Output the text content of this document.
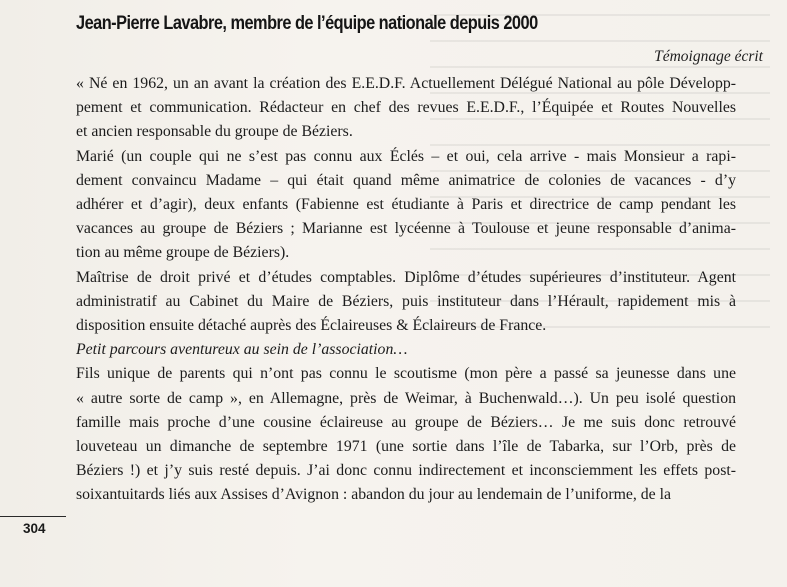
Jean-Pierre Lavabre, membre de l’équipe nationale depuis 2000
Témoignage écrit

« Né en 1962, un an avant la création des E.E.D.F. Actuellement Délégué National au pôle Développ-
pement et communication. Rédacteur en chef des revues E.E.D.F., l’Équipée et Routes Nouvelles
et ancien responsable du groupe de Béziers.

Marié (un couple qui ne s’est pas connu aux Éclés – et oui, cela arrive - mais Monsieur a rapi-
dement convaincu Madame – qui était quand même animatrice de colonies de vacances - d’y
adhérer et d’agir), deux enfants (Fabienne est étudiante à Paris et directrice de camp pendant les
vacances au groupe de Béziers ; Marianne est lycéenne à Toulouse et jeune responsable d’anima-
tion au même groupe de Béziers).

Maîtrise de droit privé et d’études comptables. Diplôme d’études supérieures d’instituteur. Agent
administratif au Cabinet du Maire de Béziers, puis instituteur dans l’Hérault, rapidement mis à
disposition ensuite détaché auprès des Éclaireuses & Éclaireurs de France.

Petit parcours aventureux au sein de l’association…

Fils unique de parents qui n’ont pas connu le scoutisme (mon père a passé sa jeunesse dans une
« autre sorte de camp », en Allemagne, près de Weimar, à Buchenwald…). Un peu isolé question
famille mais proche d’une cousine éclaireuse au groupe de Béziers… Je me suis donc retrouvé
louveteau un dimanche de septembre 1971 (une sortie dans l’île de Tabarka, sur l’Orb, près de
Béziers !) et j’y suis resté depuis. J’ai donc connu indirectement et inconsciemment les effets post-
soixantuitards liés aux Assises d’Avignon : abandon du jour au lendemain de l’uniforme, de la

304
